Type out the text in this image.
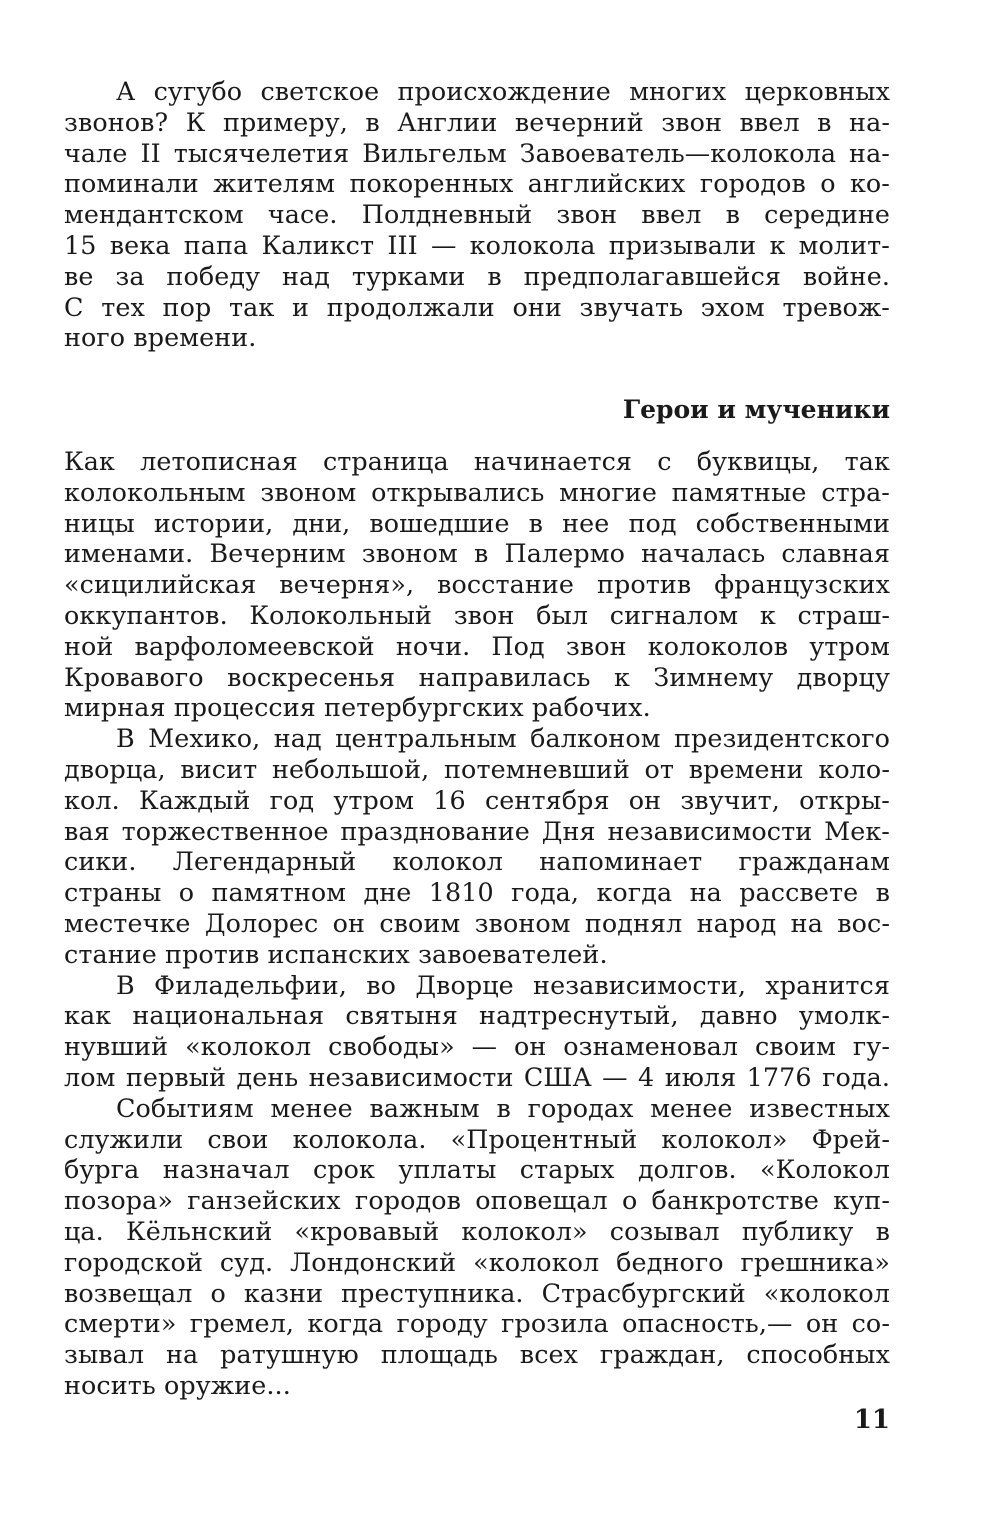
А сугубо светское происхождение многих церковных
звонов? К примеру, в Англии вечерний звон ввел в на-
чале II тысячелетия Вильгельм Завоеватель—колокола на-
поминали жителям покоренных английских городов о ко-
мендантском часе. Полдневный звон ввел в середине
15 века папа Каликст III — колокола призывали к молит-
ве за победу над турками в предполагавшейся войне.
С тех пор так и продолжали они звучать эхом тревож-
ного времени.
Герои и мученики
Как летописная страница начинается с буквицы, так
колокольным звоном открывались многие памятные стра-
ницы истории, дни, вошедшие в нее под собственными
именами. Вечерним звоном в Палермо началась славная
«сицилийская вечерня», восстание против французских
оккупантов. Колокольный звон был сигналом к страш-
ной варфоломеевской ночи. Под звон колоколов утром
Кровавого воскресенья направилась к Зимнему дворцу
мирная процессия петербургских рабочих.
В Мехико, над центральным балконом президентского
дворца, висит небольшой, потемневший от времени коло-
кол. Каждый год утром 16 сентября он звучит, откры-
вая торжественное празднование Дня независимости Мек-
сики. Легендарный колокол напоминает гражданам
страны о памятном дне 1810 года, когда на рассвете в
местечке Долорес он своим звоном поднял народ на вос-
стание против испанских завоевателей.
В Филадельфии, во Дворце независимости, хранится
как национальная святыня надтреснутый, давно умолк-
нувший «колокол свободы» — он ознаменовал своим гу-
лом первый день независимости США — 4 июля 1776 года.
Событиям менее важным в городах менее известных
служили свои колокола. «Процентный колокол» Фрей-
бурга назначал срок уплаты старых долгов. «Колокол
позора» ганзейских городов оповещал о банкротстве куп-
ца. Кёльнский «кровавый колокол» созывал публику в
городской суд. Лондонский «колокол бедного грешника»
возвещал о казни преступника. Страсбургский «колокол
смерти» гремел, когда городу грозила опасность,— он со-
зывал на ратушную площадь всех граждан, способных
носить оружие...
11
